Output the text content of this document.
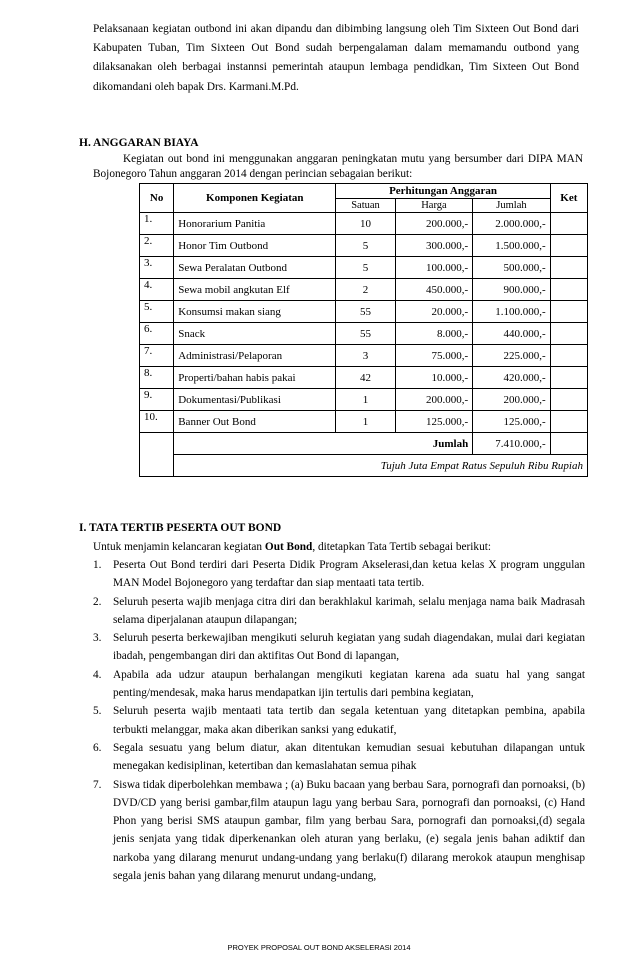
Pelaksanaan kegiatan outbond ini akan dipandu dan dibimbing langsung oleh Tim Sixteen Out Bond dari Kabupaten Tuban, Tim Sixteen Out Bond sudah berpengalaman dalam memamandu outbond yang dilaksanakan oleh berbagai instannsi pemerintah ataupun lembaga pendidkan, Tim Sixteen Out Bond dikomandani oleh bapak Drs. Karmani.M.Pd.

H. ANGGARAN BIAYA
Kegiatan out bond ini menggunakan anggaran peningkatan mutu yang bersumber dari DIPA MAN Bojonegoro Tahun anggaran 2014 dengan perincian sebagaian berikut:
No	Komponen Kegiatan	Perhitungan Anggaran			Ket
		Satuan	Harga	Jumlah	
1.	Honorarium Panitia	10	200.000,-	2.000.000,-	
2.	Honor Tim Outbond	5	300.000,-	1.500.000,-	
3.	Sewa Peralatan Outbond	5	100.000,-	500.000,-	
4.	Sewa mobil angkutan Elf	2	450.000,-	900.000,-	
5.	Konsumsi makan siang	55	20.000,-	1.100.000,-	
6.	Snack	55	8.000,-	440.000,-	
7.	Administrasi/Pelaporan	3	75.000,-	225.000,-	
8.	Properti/bahan habis pakai	42	10.000,-	420.000,-	
9.	Dokumentasi/Publikasi	1	200.000,-	200.000,-	
10.	Banner Out Bond	1	125.000,-	125.000,-	
	Jumlah			7.410.000,-	
	Tujuh Juta Empat Ratus Sepuluh Ribu Rupiah				
I. TATA TERTIB PESERTA OUT BOND
Untuk menjamin kelancaran kegiatan Out Bond, ditetapkan Tata Tertib sebagai berikut:
1. Peserta Out Bond terdiri dari Peserta Didik Program Akselerasi,dan ketua kelas X program unggulan MAN Model Bojonegoro yang terdaftar dan siap mentaati tata tertib.
2. Seluruh peserta wajib menjaga citra diri dan berakhlakul karimah, selalu menjaga nama baik Madrasah selama diperjalanan ataupun dilapangan;
3. Seluruh peserta berkewajiban mengikuti seluruh kegiatan yang sudah diagendakan, mulai dari kegiatan ibadah, pengembangan diri dan aktifitas Out Bond di lapangan,
4. Apabila ada udzur ataupun berhalangan mengikuti kegiatan karena ada suatu hal yang sangat penting/mendesak, maka harus mendapatkan ijin tertulis dari pembina kegiatan,
5. Seluruh peserta wajib mentaati tata tertib dan segala ketentuan yang ditetapkan pembina, apabila terbukti melanggar, maka akan diberikan sanksi yang edukatif,
6. Segala sesuatu yang belum diatur, akan ditentukan kemudian sesuai kebutuhan dilapangan untuk menegakan kedisiplinan, ketertiban dan kemaslahatan semua pihak
7. Siswa tidak diperbolehkan membawa ; (a) Buku bacaan yang berbau Sara, pornografi dan pornoaksi, (b) DVD/CD yang berisi gambar,film ataupun lagu yang berbau Sara, pornografi dan pornoaksi, (c) Hand Phon yang berisi SMS ataupun gambar, film yang berbau Sara, pornografi dan pornoaksi,(d) segala jenis senjata yang tidak diperkenankan oleh aturan yang berlaku, (e) segala jenis bahan adiktif dan narkoba yang dilarang menurut undang-undang yang berlaku(f) dilarang merokok ataupun menghisap segala jenis bahan yang dilarang menurut undang-undang,
PROYEK PROPOSAL OUT BOND AKSELERASI 2014
